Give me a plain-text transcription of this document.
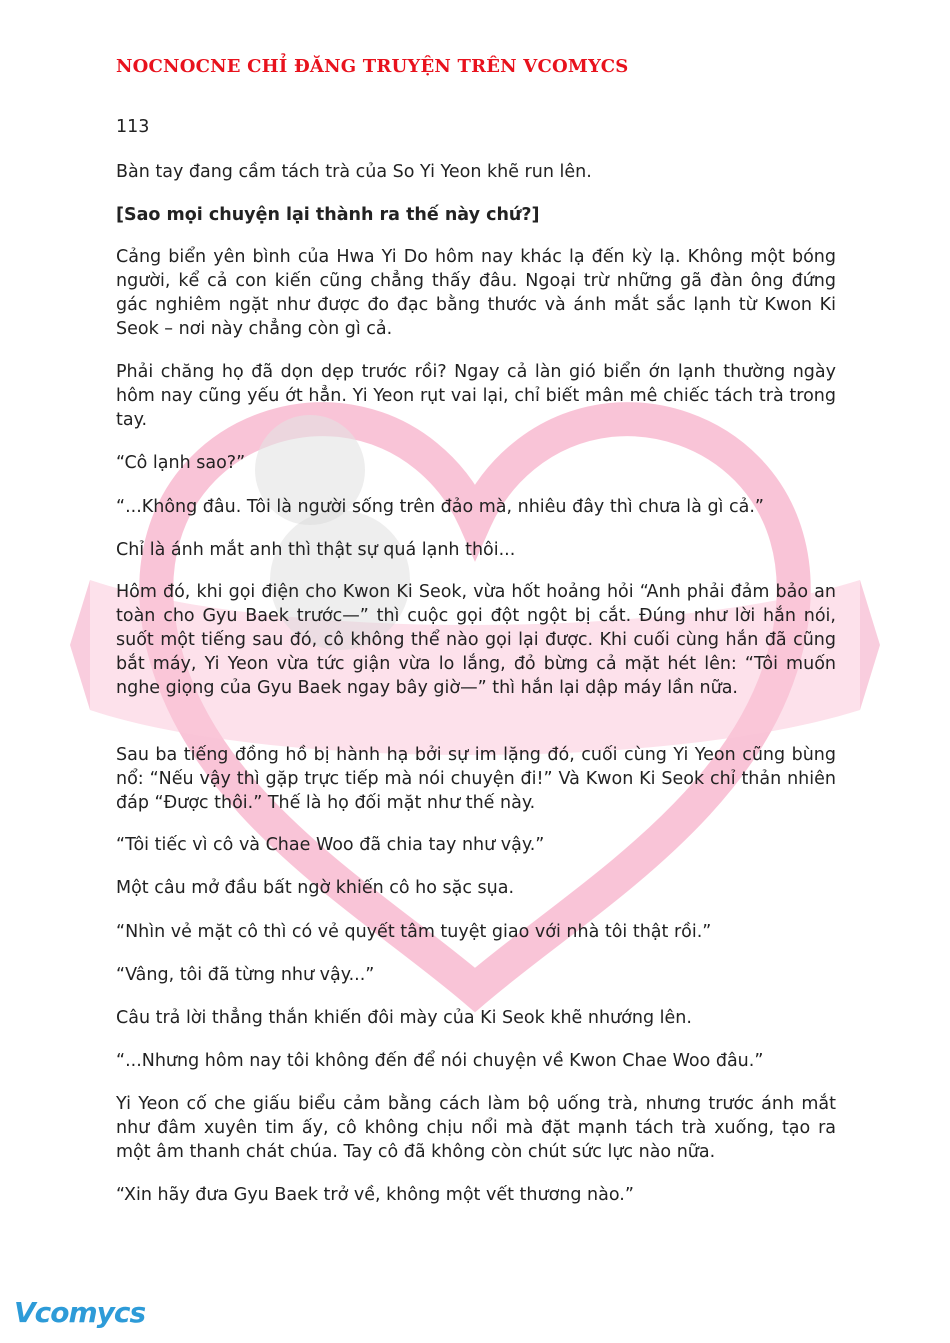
NOCNOCNE CHỈ ĐĂNG TRUYỆN TRÊN VCOMYCS
113

Bàn tay đang cầm tách trà của So Yi Yeon khẽ run lên.

[Sao mọi chuyện lại thành ra thế này chứ?]

Cảng biển yên bình của Hwa Yi Do hôm nay khác lạ đến kỳ lạ. Không một bóng người, kể cả con kiến cũng chẳng thấy đâu. Ngoại trừ những gã đàn ông đứng gác nghiêm ngặt như được đo đạc bằng thước và ánh mắt sắc lạnh từ Kwon Ki Seok – nơi này chẳng còn gì cả.

Phải chăng họ đã dọn dẹp trước rồi? Ngay cả làn gió biển ớn lạnh thường ngày hôm nay cũng yếu ớt hẳn. Yi Yeon rụt vai lại, chỉ biết mân mê chiếc tách trà trong tay.

“Cô lạnh sao?”

“...Không đâu. Tôi là người sống trên đảo mà, nhiêu đây thì chưa là gì cả.”

Chỉ là ánh mắt anh thì thật sự quá lạnh thôi...

Hôm đó, khi gọi điện cho Kwon Ki Seok, vừa hốt hoảng hỏi “Anh phải đảm bảo an toàn cho Gyu Baek trước—” thì cuộc gọi đột ngột bị cắt. Đúng như lời hắn nói, suốt một tiếng sau đó, cô không thể nào gọi lại được. Khi cuối cùng hắn đã cũng bắt máy, Yi Yeon vừa tức giận vừa lo lắng, đỏ bừng cả mặt hét lên: “Tôi muốn nghe giọng của Gyu Baek ngay bây giờ—” thì hắn lại dập máy lần nữa.

Sau ba tiếng đồng hồ bị hành hạ bởi sự im lặng đó, cuối cùng Yi Yeon cũng bùng nổ: “Nếu vậy thì gặp trực tiếp mà nói chuyện đi!” Và Kwon Ki Seok chỉ thản nhiên đáp “Được thôi.” Thế là họ đối mặt như thế này.

“Tôi tiếc vì cô và Chae Woo đã chia tay như vậy.”

Một câu mở đầu bất ngờ khiến cô ho sặc sụa.

“Nhìn vẻ mặt cô thì có vẻ quyết tâm tuyệt giao với nhà tôi thật rồi.”

“Vâng, tôi đã từng như vậy...”

Câu trả lời thẳng thắn khiến đôi mày của Ki Seok khẽ nhướng lên.

“...Nhưng hôm nay tôi không đến để nói chuyện về Kwon Chae Woo đâu.”

Yi Yeon cố che giấu biểu cảm bằng cách làm bộ uống trà, nhưng trước ánh mắt như đâm xuyên tim ấy, cô không chịu nổi mà đặt mạnh tách trà xuống, tạo ra một âm thanh chát chúa. Tay cô đã không còn chút sức lực nào nữa.

“Xin hãy đưa Gyu Baek trở về, không một vết thương nào.”

Vcomycs
